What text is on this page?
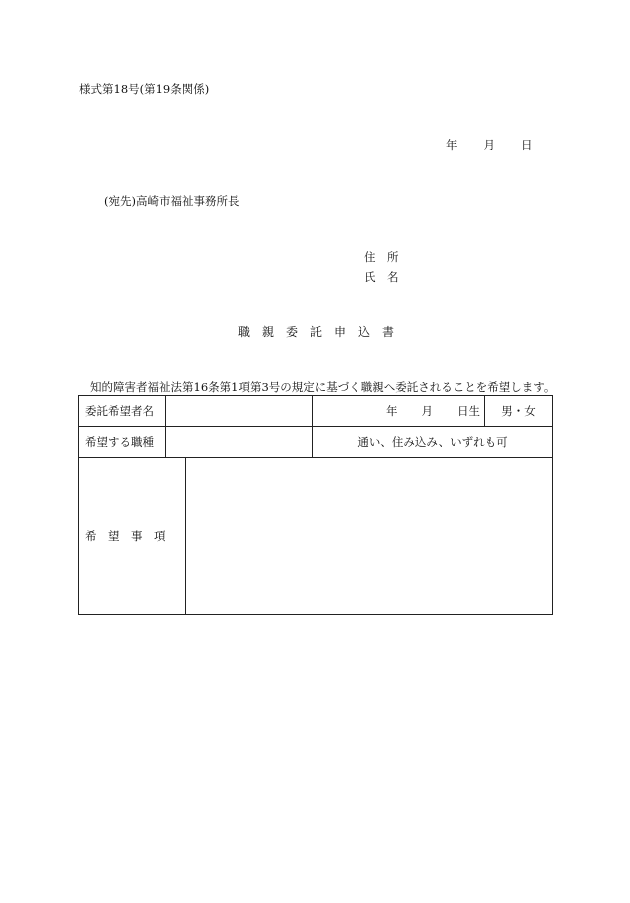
様式第18号(第19条関係)
年 月 日
(宛先)高崎市福祉事務所長
住　所
氏　名
職　親　委　託　申　込　書
知的障害者福祉法第16条第1項第3号の規定に基づく職親へ委託されることを希望します。
委託希望者名			年 月 日生	男・女
希望する職種			通い、住み込み、いずれも可	
希　望　事　項				
